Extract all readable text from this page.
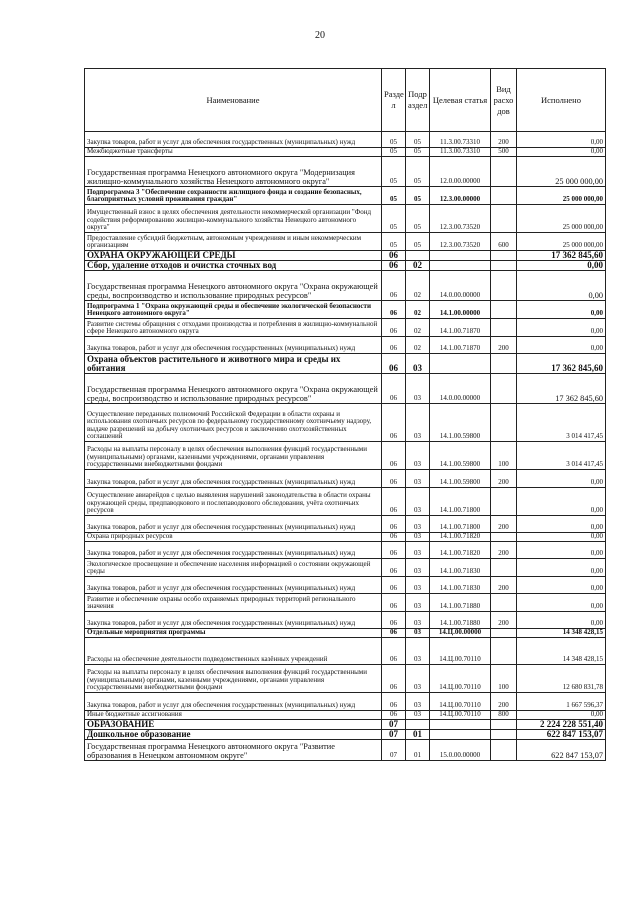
20
Наименование	Разде л	Подр аздел	Целевая статья	Вид расхо дов	Исполнено
Закупка товаров, работ и услуг для обеспечения государственных (муниципальных) нужд	05	05	11.3.00.73310	200	0,00
Межбюджетные трансферты	05	05	11.3.00.73310	500	0,00
Государственная программа Ненецкого автономного округа "Модернизация жилищно-коммунального хозяйства Ненецкого автономного округа"	05	05	12.0.00.00000		25 000 000,00
Подпрограмма 3 "Обеспечение сохранности жилищного фонда и создание безопасных, благоприятных условий проживания граждан"	05	05	12.3.00.00000		25 000 000,00
Имущественный взнос в целях обеспечения деятельности некоммерческой организации "Фонд содействия реформированию жилищно-коммунального хозяйства Ненецкого автономного округа"	05	05	12.3.00.73520		25 000 000,00
Предоставление субсидий бюджетным, автономным учреждениям и иным некоммерческим организациям	05	05	12.3.00.73520	600	25 000 000,00
ОХРАНА ОКРУЖАЮЩЕЙ СРЕДЫ	06				17 362 845,60
Сбор, удаление отходов и очистка сточных вод	06	02			0,00
Государственная программа Ненецкого автономного округа "Охрана окружающей среды, воспроизводство и использование природных ресурсов"	06	02	14.0.00.00000		0,00
Подпрограмма 1 "Охрана окружающей среды и обеспечение экологической безопасности Ненецкого автономного округа"	06	02	14.1.00.00000		0,00
Развитие системы обращения с отходами производства и потребления в жилищно-коммунальной сфере Ненецкого автономного округа	06	02	14.1.00.71870		0,00
Закупка товаров, работ и услуг для обеспечения государственных (муниципальных) нужд	06	02	14.1.00.71870	200	0,00
Охрана объектов растительного и животного мира и среды их обитания	06	03			17 362 845,60
Государственная программа Ненецкого автономного округа "Охрана окружающей среды, воспроизводство и использование природных ресурсов"	06	03	14.0.00.00000		17 362 845,60
Осуществление переданных полномочий Российской Федерации в области охраны и использования охотничьих ресурсов по федеральному государственному охотничьему надзору, выдаче разрешений на добычу охотничьих ресурсов и заключению охотхозяйственных соглашений	06	03	14.1.00.59800		3 014 417,45
Расходы на выплаты персоналу в целях обеспечения выполнения функций государственными (муниципальными) органами, казенными учреждениями, органами управления государственными внебюджетными фондами	06	03	14.1.00.59800	100	3 014 417,45
Закупка товаров, работ и услуг для обеспечения государственных (муниципальных) нужд	06	03	14.1.00.59800	200	0,00
Осуществление авиарейдов с целью выявления нарушений законодательства в области охраны окружающей среды, предпаводкового и послепаводкового обследования, учёта охотничьих ресурсов	06	03	14.1.00.71800		0,00
Закупка товаров, работ и услуг для обеспечения государственных (муниципальных) нужд	06	03	14.1.00.71800	200	0,00
Охрана природных ресурсов	06	03	14.1.00.71820		0,00
Закупка товаров, работ и услуг для обеспечения государственных (муниципальных) нужд	06	03	14.1.00.71820	200	0,00
Экологическое просвещение и обеспечение населения информацией о состоянии окружающей среды	06	03	14.1.00.71830		0,00
Закупка товаров, работ и услуг для обеспечения государственных (муниципальных) нужд	06	03	14.1.00.71830	200	0,00
Развитие и обеспечение охраны особо охраняемых природных территорий регионального значения	06	03	14.1.00.71880		0,00
Закупка товаров, работ и услуг для обеспечения государственных (муниципальных) нужд	06	03	14.1.00.71880	200	0,00
Отдельные мероприятия программы	06	03	14.Ц.00.00000		14 348 428,15
Расходы на обеспечение деятельности подведомственных казённых учреждений	06	03	14.Ц.00.70110		14 348 428,15
Расходы на выплаты персоналу в целях обеспечения выполнения функций государственными (муниципальными) органами, казенными учреждениями, органами управления государственными внебюджетными фондами	06	03	14.Ц.00.70110	100	12 680 831,78
Закупка товаров, работ и услуг для обеспечения государственных (муниципальных) нужд	06	03	14.Ц.00.70110	200	1 667 596,37
Иные бюджетные ассигнования	06	03	14.Ц.00.70110	800	0,00
ОБРАЗОВАНИЕ	07				2 224 228 551,40
Дошкольное образование	07	01			622 847 153,07
Государственная программа Ненецкого автономного округа "Развитие образования в Ненецком автономном округе"	07	01	15.0.00.00000		622 847 153,07
